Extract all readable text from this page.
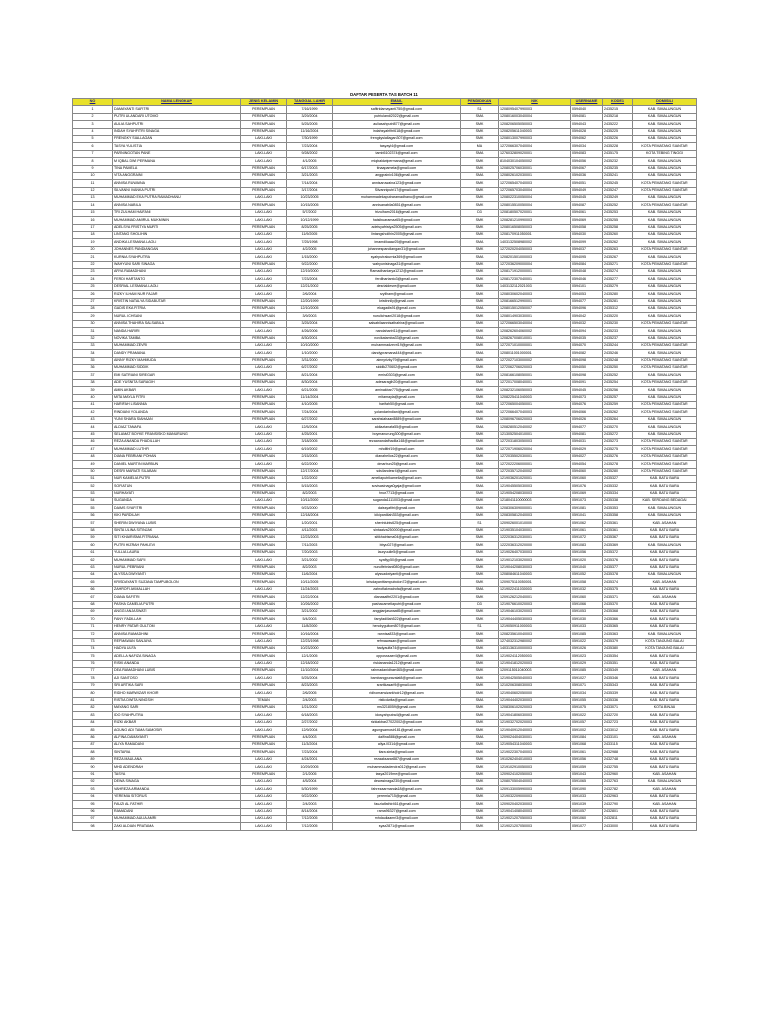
DAFTAR PESERTA TAS BATCH 11
NO	NAMA LENGKAP	JENIS KELAMIN	TANGGAL LAHIR	EMAIL	PENDIDIKAN	NIK	USERNAME	KODE1	DOMISILI
1	DAMAYANTI SAFITRI	PEREMPUAN	7/16/1999	safitridamayanti750@gmail.com	S1	1208095407990003	0594040	2435215	KAB. SIMALUNGUN
2	PUTRI ULANDARI UTOMO	PEREMPUAN	3/29/2004	putriulandi2022@gmail.com	SMA	1208016003040004	0594081	2435218	KAB. SIMALUNGUN
3	AULIA SAHPUTRI	PEREMPUAN	5/25/2005	auliasahputri877@gmail.com	SMK	1208206505050003	0594043	2435222	KAB. SIMALUNGUN
4	INDAH SYAHFITRI SINAGA	PEREMPUAN	11/16/2004	indahsyahfitri618@gmail.com	SMK	1208205611040003	0594028	2435225	KAB. SIMALUNGUN
5	FRENGKY SIALLAGAN	LAKI-LAKI	7/30/1999	frengkysiallagan307@gmail.com	SMK	1208013007990003	0594062	2435226	KAB. SIMALUNGUN
6	TASYA YULISTIA	PEREMPUAN	7/23/2004	tasyayl4@gmail.com	MA	1272066307040004	0594034	2435228	KOTA PEMATANG SIANTAR
7	PARNINGOTAN PANE	LAKI-LAKI	9/28/2002	tamb5102374@gmail.com	SMA	1276032809020001	0594083	2435175	KOTA TEBING TINGGI
8	M IQBAL DWI PERMANA	LAKI-LAKI	4/1/2005	miqbaldwipermana@gmail.com	SMK	8104030104050002	0594056	2435232	KAB. SIMALUNGUN
9	TINA PAMELA	PEREMPUAN	6/17/2003	tinaapamela@gmail.com	SMK	1208025706030001	0594067	2435235	KAB. SIMALUNGUN
10	VITA ANGGRAINI	PEREMPUAN	3/21/2003	anggrainiv106@gmail.com	SMA	1208026102030001	0594036	2435241	KAB. SIMALUNGUN
11	ANNISA RUWAINA	PEREMPUAN	7/14/2004	annisaruwaina123@gmail.com	SMK	1272065407040003	0594051	2435245	KOTA PEMATANG SIANTAR
12	SILVANNI IVANKA PUTRI	PEREMPUAN	3/17/2004	Silvanniputri17@gmail.com	SMK	1272065703040004	0594049	2435247	KOTA PEMATANG SIANTAR
13	MUHAMMAD EKA PUTRA RAMADHANU	LAKI-LAKI	10/23/2005	muhammadekaputraramadhanu@gmail.com	SMK	1208022310050004	0594045	2435249	KAB. SIMALUNGUN
14	ANNISA NABILA	PEREMPUAN	10/15/2005	annisanabila0851@gmail.com	SMK	1208015510050004	0594087	2435252	KOTA PEMATANG SIANTAR
15	TRI ZULHAM HAIFANI	LAKI-LAKI	5/7/2002	trizulham2016@gmail.com	D3	1208180507020001	0594061	2435253	KAB. SIMALUNGUN
16	MUHAMMAD AMIRUL MUKMININ	LAKI-LAKI	10/12/1999	haisibuaramaz65@gmail.com	SMK	1208281210990003	0594069	2435255	KAB. SIMALUNGUN
17	ADELSYA FRISTYA MURTI	PEREMPUAN	8/25/2005	adelsyafristya2505@gmail.com	SMK	1208016508050003	0594058	2435258	KAB. SIMALUNGUN
18	LINTANG SHOLIHIN	LAKI-LAKI	11/9/2005	lintangsholihin2005@gmail.com	SMK	1208170911050001	0594030	2435260	KAB. SIMALUNGUN
19	ANDIKA LESMANA LAOLI	LAKI-LAKI	7/25/1998	imamdikaaw25@gmail.com	SMA	1403132508980002	0594099	2435262	KAB. SIMALUNGUN
20	JOHANNES PANDIANGAN	LAKI-LAKI	4/2/2005	johannespandiangan31@gmail.com	SMK	1272020204050003	0594037	2435263	KOTA PEMATANG SIANTAR
21	KURNIA SYAHPUTRA	LAKI-LAKI	1/15/2000	syahputrakurnia369@gmail.com	SMA	1208201501000003	0594095	2435267	KAB. SIMALUNGUN
22	WAHYUNI SARI SINAGA	PEREMPUAN	9/22/2000	wahyunisinaga31@gmail.com	SMK	1272036209000004	0594084	2435271	KOTA PEMATANG SIANTAR
23	ARYA RAMADHANI	LAKI-LAKI	12/19/2000	Ramadhaniarya1212@gmail.com	SMK	1208171912000001	0594048	2435274	KAB. SIMALUNGUN
24	FERDI HARTANTO	LAKI-LAKI	7/23/2004	ferdihartanto3@gmail.com	SMK	1208172307040001	0594046	2435277	KAB. SIMALUNGUN
25	DESRIAL LESMANA LAOLI	LAKI-LAKI	12/21/2002	desrialdesre@gmail.com	SMK	1403132112021003	0594101	2435279	KAB. SIMALUNGUN
26	RIZKY ILHAM NUR FAJAR	LAKI-LAKI	2/6/2004	rzyilham@gmail.com	SMK	1208030602040003	0594053	2435280	KAB. SIMALUNGUN
27	KRISTIN NATALYA SIDABUTAR	PEREMPUAN	12/20/1999	kristinnlly@gmail.com	SMK	1208166512990001	0594077	2435281	KAB. SIMALUNGUN
28	GADIS EKA FITRIA	PEREMPUAN	12/10/2005	ekagadis91@gmail.com	SMA	1208015012050007	0594096	2435312	KAB. SIMALUNGUN
29	NURUL ICHSANI	PEREMPUAN	3/9/2003	nurulichsani2018@gmail.com	SMK	1208014903030001	0594042	2435220	KAB. SIMALUNGUN
30	ANNISA THAHIRA SALSABILA	PEREMPUAN	3/25/2004	salsabilaannisathahira@gmail.com	SMK	1272066503040004	0594032	2435230	KOTA PEMATANG SIANTAR
31	NANDA HARIRI	LAKI-LAKI	4/26/2006	nandahariri11@gmail.com	SMK	1208262604060002	0594094	2435233	KAB. SIMALUNGUN
32	NOVIKA TAMBA	PEREMPUAN	8/30/2001	novikatamba33@gmail.com	SMA	1208267008010001	0594035	2435237	KAB. SIMALUNGUN
33	MUHAMMAD ZEVRI	LAKI-LAKI	10/10/2000	muhammadzevri19@gmail.com	SMK	1272071010000001	0594070	2435244	KOTA PEMATANG SIANTAR
34	DANDY PRAMANA	LAKI-LAKI	1/10/2000	dandypramana444@gmail.com	SMA	1208011001000001	0594082	2435246	KAB. SIMALUNGUN
35	AINNY RIZKY MAHMUDA	PEREMPUAN	3/31/2000	ainnyrizky79@gmail.com	SMK	1272027103000002	0594098	2435248	KOTA PEMATANG SIANTAR
36	MUHAMMAD SIDDIK	LAKI-LAKI	6/27/2002	siddik270602@gmail.com	SMK	1272062706020003	0594050	2435250	KOTA PEMATANG SIANTAR
37	EMI SATRIANI SIREGAR	PEREMPUAN	8/21/2004	emisi0303@gmail.com	SMK	1208166108050001	0594098	2435252	KAB. SIMALUNGUN
38	ADE YUSNITA SARAGIH	PEREMPUAN	8/30/2004	adesaragih20@gmail.com	SMK	1272017008040001	0594091	2435254	KOTA PEMATANG SIANTAR
39	AMIN AKBAR	LAKI-LAKI	6/21/2005	aminakbar775@gmail.com	SMK	1208232106050003	0594045	2435256	KAB. SIMALUNGUN
40	MITA MAYLA FITRI	PEREMPUAN	11/14/2004	mitamayla@gmail.com	SMK	1208225411040003	0594073	2435257	KAB. SIMALUNGUN
41	HARIFAH LISANNIA	PEREMPUAN	4/10/2005	harifah50@gmail.com	SMK	1272065004050001	0594076	2435259	KOTA PEMATANG SIANTAR
42	RINDIANI YOLANDA	PEREMPUAN	7/24/2004	yolandarindiani@gmail.com	SMK	1272066407040003	0594066	2435262	KOTA PEMATANG SIANTAR
43	YUNI SHARA SIAHAAN	PEREMPUAN	6/27/2002	sarahsiahaan8889@gmail.com	SMK	1208096706020003	0594026	2435264	KAB. SIMALUNGUN
44	ALDIAZ TANAFA	LAKI-LAKI	12/5/2004	aldiaztanafa55@gmail.com	SMA	1208280512040002	0594077	2435270	KAB. SIMALUNGUN
45	SELAMAT BOYKE FRANSISKO MANURUNG	LAKI-LAKI	4/25/2001	boymanurung300@gmail.com	SMK	1213052504010001	0594081	2435272	KAB. SIMALUNGUN
46	REZA ANANDA FHADILLAH	LAKI-LAKI	3/18/2005	rezaanandafhadila148@gmail.com	SMK	1272031803050003	0594031	2435273	KOTA PEMATANG SIANTAR
47	MUHAMMAD LUTHFI	LAKI-LAKI	6/19/2002	mhdlthf19@gmail.com	SMK	1272071906020004	0594029	2435275	KOTA PEMATANG SIANTAR
48	DIANA FEBRIANI POHAN	PEREMPUAN	2/15/2003	dianahelios22@gmail.com	SMK	1272035502030001	0594027	2435276	KOTA PEMATANG SIANTAR
49	DANIEL MARTIN MARBUN	LAKI-LAKI	6/22/2000	dmarbun25@gmail.com	SMK	1272022206000001	0594054	2435278	KOTA PEMATANG SIANTAR
50	DESRI MARIATI SILABAN	PEREMPUAN	12/17/2004	sdsilandesr4@gmail.com	SMK	1272035712040002	0594060	2435280	KOTA PEMATANG SIANTAR
51	NUR KAMELIA PUTRI	PEREMPUAN	1/22/2002	ameliaputrikamelia@gmail.com	SMK	1219036201020001	0591060	2435327	KAB. BATU BARA
52	SOFIATUN	PEREMPUAN	5/15/2003	sovisasinaga0gaja@gmail.com	SMA	1219045505030003	0591076	2435332	KAB. BATU BARA
53	NURHAYATI	PEREMPUAN	8/2/2003	hnur7713@gmail.com	SMK	1219054208030003	0591069	2435334	KAB. BATU BARA
54	SUGANDA	LAKI-LAKI	10/11/2000	suganda1111003@gmail.com	SMK	1218041110000003	0591073	2435338	KAB. SERDANG BEDAGAI
55	DAIMS SYAFITRI	PEREMPUAN	9/23/2000	daissyafitri@gmail.com	SMK	1208306309000001	0591081	2435353	KAB. SIMALUNGUN
56	KIKI PARDILAH	PEREMPUAN	12/18/2004	kikipardilah353@gmail.com	SMK	1208305812040003	0591041	2435358	KAB. SIMALUNGUN
57	SHERIN DWIYANA LUBIS	PEREMPUAN	1/20/2001	sherinlubis625@gmail.com	S1	1209026001010000	0591062	2435361	KAB. ASAHAN
58	SINTA ULINA SITINJAK	PEREMPUAN	4/11/2003	sintaaiva250000@gmail.com	SMK	1219035104030001	0591061	2435361	KAB. BATU BARA
59	SITI KHAIRISMA FITRIANA	PEREMPUAN	12/23/2003	sitikhairisma04@gmail.com	SMK	1222036312030001	0591072	2435367	KAB. BATU BARA
60	PUTRI HIZRAH PAHLEVI	PEREMPUAN	7/11/2003	bbyu027@gmail.com	SMK	1222036312020000	0591083	2435369	KAB. SIMALUNGUN
61	YULLIA LAURA	PEREMPUAN	7/20/2003	lauryuulie5@gmail.com	SMK	1219026407030003	0591056	2435372	KAB. BATU BARA
62	MUHAMMAD SAFII	LAKI-LAKI	3/21/2002	syafiyy50@gmail.com	SMK	1219012103020003	0591020	2435376	KAB. BATU BARA
63	NURUL PEBRIANI	PEREMPUAN	8/2/2003	nurulfebriani080@gmail.com	SMK	1219044208030003	0591040	2435377	KAB. BATU BARA
64	ALYSSA DWIYANTI	PEREMPUAN	11/6/2004	alyssadwiyanti@gmail.com	SMK	1208084611040003	0591052	2435378	KAB. SIMALUNGUN
65	KRISDAYANTI SUZANA TAMPUBOLON	PEREMPUAN	10/11/2005	krisdayantitampubolon72@gmail.com	SMK	1209075110050001	0591058	2435374	KAB. ASAHAN
66	ZAHROFI AKMALLAH	LAKI-LAKI	11/24/2003	zahrofiakmalrofa@gmail.com	SMA	1219022411030003	0591032	2435375	KAB. BATU BARA
67	DIANA SAFITRI	PEREMPUAN	12/22/2004	dianasafitri2201@gmail.com	SMK	1209126212040001	0591060	2435371	KAB. ASAHAN
68	PASHA CAMELIA PUTRI	PEREMPUAN	10/26/2002	pashacameliaputri@gmail.com	D3	1219076610020003	0591066	2435370	KAB. BATU BARA
69	ANGGI ANJASWATI	PEREMPUAN	3/21/2002	anggianjaswaati5@gmail.com	SMK	1219046103020003	0591053	2435368	KAB. BATU BARA
70	FANY FADILLAH	PEREMPUAN	5/4/2003	fanyfadillah522@gmail.com	SMK	1219044405030003	0591030	2435366	KAB. BATU BARA
71	HENRY PATAR GULTOM	LAKI-LAKI	11/8/2000	hendrygultom807@gmail.com	S1	1219050911000003	0591033	2435365	KAB. BATU BARA
72	ANNISA RAMADHINI	PEREMPUAN	10/16/2004	rannisa833@gmail.com	SMK	1208235610040003	0591085	2435363	KAB. SIMALUNGUN
73	REFMAWAN SANJAYA	LAKI-LAKI	12/23/1998	refmawasan@gmail.com	SMK	1274032312980002	0591022	2435379	KOTA TANJUNG BALAI
74	HADYA ULFA	PEREMPUAN	10/23/2000	hadyaulfa74@gmail.com	SMK	1403136310000003	0591026	2435380	KOTA TANJUNG BALAI
75	ADELLA NAFIZA SINAGA	PEREMPUAN	12/1/2005	opposssaer4@gmail.com	SMK	1219024112050003	0591023	2435354	KAB. BATU BARA
76	RISKI ANANDA	LAKI-LAKI	12/18/2002	riskiananda1212@gmail.com	SMK	1219041812020003	0591029	2435351	KAB. BATU BARA
77	DEA RAMADHANI LUBIS	PEREMPUAN	11/10/2004	rahmadanidhae465@gmail.com	SMK	1209115011040003	0591085	2435349	KAB. ASAHAN
78	AJI SANTOSO	LAKI-LAKI	5/25/2004	bambangpuravaiat8@gmail.com	SMK	1219042505040003	0591027	2435346	KAB. BATU BARA
79	SRI ARTIKA SARI	PEREMPUAN	8/23/2003	srartikasari9@gmail.com	SMK	1210206308030003	0591071	2435343	KAB. BATU BARA
80	RIDHO MARWIZAR KHOIR	LAKI-LAKI	2/6/2005	ridhomarwizarkhoir12@gmail.com	SMK	1219040602050000	0591034	2435339	KAB. BATU BARA
81	RISTIA DWITA NINGSIH	TEMAN	2/4/2003	risticdwita@gmail.com	SMA	1219044402030003	0591055	2435336	KAB. BATU BARA
82	MAYANG SARI	PEREMPUAN	1/21/2002	ms3218059@gmail.com	SMK	1208306102020003	0591075	2433071	KOTA BINJAI
83	IDO SYAHPUTRA	LAKI-LAKI	6/18/2003	idosyahputra4@gmail.com	SMK	1219041806030003	0591022	2432720	KAB. BATU BARA
84	RIZKI AKBAR	LAKI-LAKI	2/27/2002	rizkiakbar27022002@gmail.com	SMK	1219032702020003	0591057	2432723	KAB. BATU BARA
85	AGUNG ADI TAMA SAMOSIR	LAKI-LAKI	12/9/2004	agungsamosir181@gmail.com	SMK	1219040912040003	0591002	2433012	KAB. BATU BARA
86	ALFINA DAMAYANTI	PEREMPUAN	4/4/2003	daifina586@gmail.com	SMA	1209024404030001	0591084	2433101	KAB. ASAHAN
87	ALIYA RAMADANI	PEREMPUAN	11/3/2004	aliya.l0314@gmail.com	SMK	1219054311040003	0591068	2433115	KAB. BATU BARA
88	SINTARIA	PEREMPUAN	7/23/2004	tiara.sinta@gmail.com	SMK	1219022307040003	0591061	2432988	KAB. BATU BARA
89	REZA MAULANA	LAKI-LAKI	4/24/2001	rezaaksarar887@gmail.com	SMK	1910262404010003	0591056	2432748	KAB. BATU BARA
90	MHD ADENDRAH	LAKI-LAKI	10/29/2005	muhammadadendra012@gmail.com	SMK	1219102910050003	0591059	2432755	KAB. BATU BARA
91	TASYA	PEREMPUAN	2/1/2005	tasya2019me@gmail.com	SMK	1209024102050003	0591043	2432960	KAB. ASAHAN
92	DEWA SINAGA	LAKI-LAKI	4/5/2004	dewasinaga230@gmail.com	SMK	1208070504040003	0591065	2432763	KAB. SIMALUNGUN
93	VAHREZA ARMANDA	LAKI-LAKI	5/30/1999	fahrezaarmanda18@gmail.com	SMK	1209133005990003	0591090	2432782	KAB. ASAHAN
94	YEREMIA SITORUS	LAKI-LAKI	9/22/2000	yeremia715@gmail.com	SMK	1219032209000003	0591033	2432963	KAB. BATU BARA
95	FAUZI AL FATHIR	LAKI-LAKI	2/4/2003	fauzialfathir461@gmail.com	SMK	1209020402030003	0591039	2432790	KAB. ASAHAN
96	RAMADANI	LAKI-LAKI	8/14/2004	rama96327@gmail.com	SMK	1219041408040003	0591057	2432801	KAB. BATU BARA
97	MUHAMMAD AULIA AMRI	LAKI-LAKI	7/12/2005	mhdauliaamri3@gmail.com	SMK	1219021207050003	0591060	2432811	KAB. BATU BARA
98	ZAKI ALDIAN PRATAMA	LAKI-LAKI	7/12/2005	syaz2871@gmail.com	SMK	1219021207050003	0591077	2433000	KAB. BATU BARA
